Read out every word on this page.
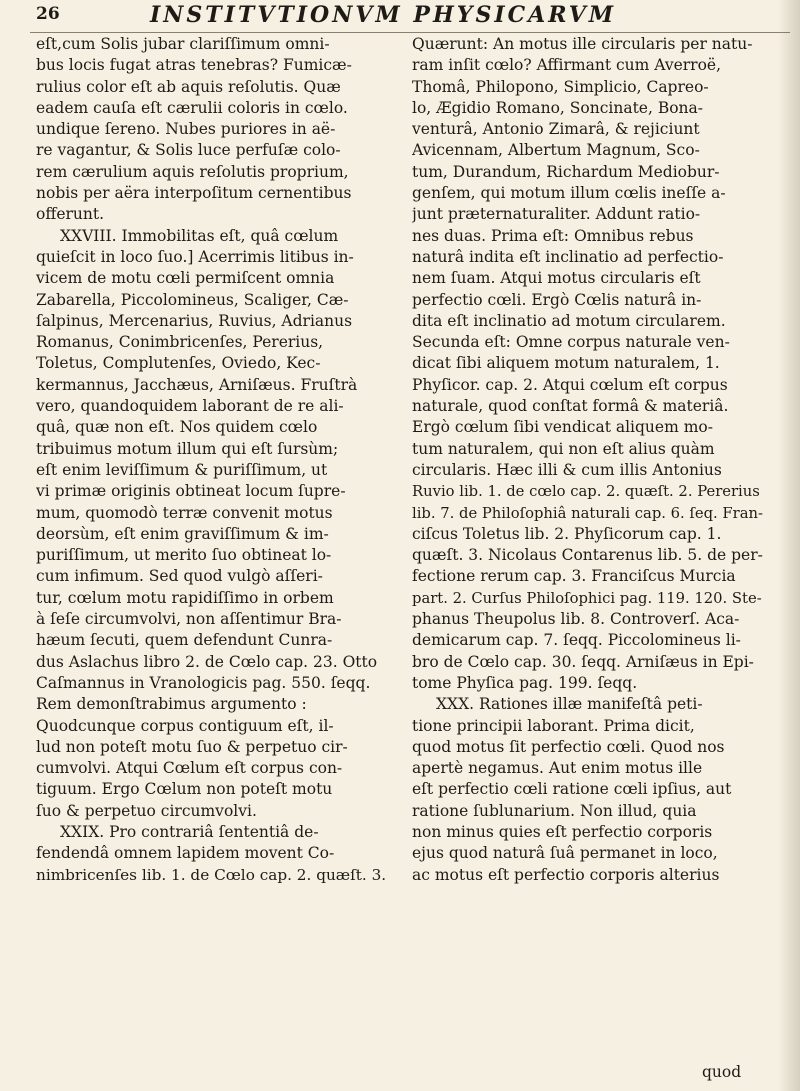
26	INSTITVTIONVM PHYSICARVM
eſt,cum Solis jubar clariſſimum omni-
bus locis fugat atras tenebras? Fumicæ-
rulius color eſt ab aquis reſolutis. Quæ
eadem cauſa eſt cærulii coloris in cœlo.
undique ſereno. Nubes puriores in aë-
re vagantur, & Solis luce perfuſæ colo-
rem cærulium aquis reſolutis proprium,
nobis per aëra interpoſitum cernentibus
offerunt.
XXVIII. Immobilitas eſt, quâ cœlum
quieſcit in loco ſuo.] Acerrimis litibus in-
vicem de motu cœli permiſcent omnia
Zabarella, Piccolomineus, Scaliger, Cæ-
ſalpinus, Mercenarius, Ruvius, Adrianus
Romanus, Conimbricenſes, Pererius,
Toletus, Complutenſes, Oviedo, Kec-
kermannus, Jacchæus, Arniſæus. Fruſtrà
vero, quandoquidem laborant de re ali-
quâ, quæ non eſt. Nos quidem cœlo
tribuimus motum illum qui eſt ſursùm;
eſt enim leviſſimum & puriſſimum, ut
vi primæ originis obtineat locum ſupre-
mum, quomodò terræ convenit motus
deorsùm, eſt enim graviſſimum & im-
puriſſimum, ut merito ſuo obtineat lo-
cum infimum. Sed quod vulgò aſſeri-
tur, cœlum motu rapidiſſimo in orbem
à ſeſe circumvolvi, non aſſentimur Bra-
hæum ſecuti, quem defendunt Cunra-
dus Aslachus libro 2. de Cœlo cap. 23. Otto
Caſmannus in Vranologicis pag. 550. ſeqq.
Rem demonſtrabimus argumento :
Quodcunque corpus contiguum eſt, il-
lud non poteſt motu ſuo & perpetuo cir-
cumvolvi. Atqui Cœlum eſt corpus con-
tiguum. Ergo Cœlum non poteſt motu
ſuo & perpetuo circumvolvi.
XXIX. Pro contrariâ ſententiâ de-
fendendâ omnem lapidem movent Co-
nimbricenſes lib. 1. de Cœlo cap. 2. quæſt. 3.
Quærunt: An motus ille circularis per natu-
ram inſit cœlo? Affirmant cum Averroë,
Thomâ, Philopono, Simplicio, Capreo-
lo, Ægidio Romano, Soncinate, Bona-
venturâ, Antonio Zimarâ, & rejiciunt
Avicennam, Albertum Magnum, Sco-
tum, Durandum, Richardum Mediobur-
genſem, qui motum illum cœlis ineſſe a-
junt præternaturaliter. Addunt ratio-
nes duas. Prima eſt: Omnibus rebus
naturâ indita eſt inclinatio ad perfectio-
nem ſuam. Atqui motus circularis eſt
perfectio cœli. Ergò Cœlis naturâ in-
dita eſt inclinatio ad motum circularem.
Secunda eſt: Omne corpus naturale ven-
dicat ſibi aliquem motum naturalem, 1.
Phyſicor. cap. 2. Atqui cœlum eſt corpus
naturale, quod conſtat formâ & materiâ.
Ergò cœlum ſibi vendicat aliquem mo-
tum naturalem, qui non eſt alius quàm
circularis. Hæc illi & cum illis Antonius
Ruvio lib. 1. de cœlo cap. 2. quæſt. 2. Pererius
lib. 7. de Philoſophiâ naturali cap. 6. ſeq. Fran-
ciſcus Toletus lib. 2. Phyſicorum cap. 1.
quæſt. 3. Nicolaus Contarenus lib. 5. de per-
fectione rerum cap. 3. Franciſcus Murcia
part. 2. Curſus Philoſophici pag. 119. 120. Ste-
phanus Theupolus lib. 8. Controverſ. Aca-
demicarum cap. 7. ſeqq. Piccolomineus li-
bro de Cœlo cap. 30. ſeqq. Arniſæus in Epi-
tome Phyſica pag. 199. ſeqq.
XXX. Rationes illæ manifeſtâ peti-
tione principii laborant. Prima dicit,
quod motus ſit perfectio cœli. Quod nos
apertè negamus. Aut enim motus ille
eſt perfectio cœli ratione cœli ipſius, aut
ratione ſublunarium. Non illud, quia
non minus quies eſt perfectio corporis
ejus quod naturâ ſuâ permanet in loco,
ac motus eſt perfectio corporis alterius
quod
